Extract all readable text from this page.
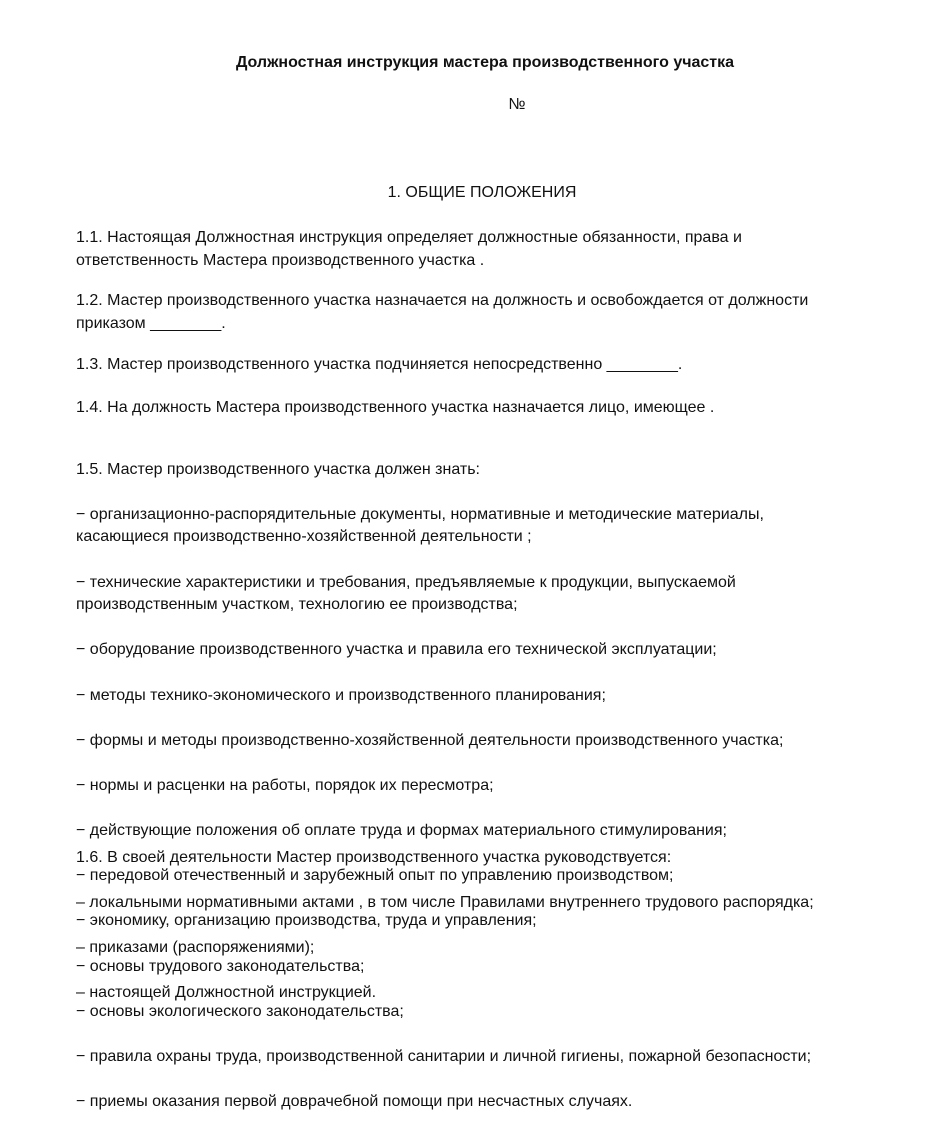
Должностная инструкция мастера производственного участка

№

1. ОБЩИЕ ПОЛОЖЕНИЯ

1.1. Настоящая Должностная инструкция определяет должностные обязанности, права и
ответственность Мастера производственного участка .

1.2. Мастер производственного участка назначается на должность и освобождается от должности
приказом ________.

1.3. Мастер производственного участка подчиняется непосредственно ________.

1.4. На должность Мастера производственного участка назначается лицо, имеющее .

1.5. Мастер производственного участка должен знать:

− организационно-распорядительные документы, нормативные и методические материалы,
касающиеся производственно-хозяйственной деятельности ;

− технические характеристики и требования, предъявляемые к продукции, выпускаемой
производственным участком, технологию ее производства;

− оборудование производственного участка и правила его технической эксплуатации;

− методы технико-экономического и производственного планирования;

− формы и методы производственно-хозяйственной деятельности производственного участка;

− нормы и расценки на работы, порядок их пересмотра;

− действующие положения об оплате труда и формах материального стимулирования;

− передовой отечественный и зарубежный опыт по управлению производством;

− экономику, организацию производства, труда и управления;

− основы трудового законодательства;

− основы экологического законодательства;

− правила охраны труда, производственной санитарии и личной гигиены, пожарной безопасности;

− приемы оказания первой доврачебной помощи при несчастных случаях.

1.6. В своей деятельности Мастер производственного участка руководствуется:

– локальными нормативными актами , в том числе Правилами внутреннего трудового распорядка;

– приказами (распоряжениями);

– настоящей Должностной инструкцией.
